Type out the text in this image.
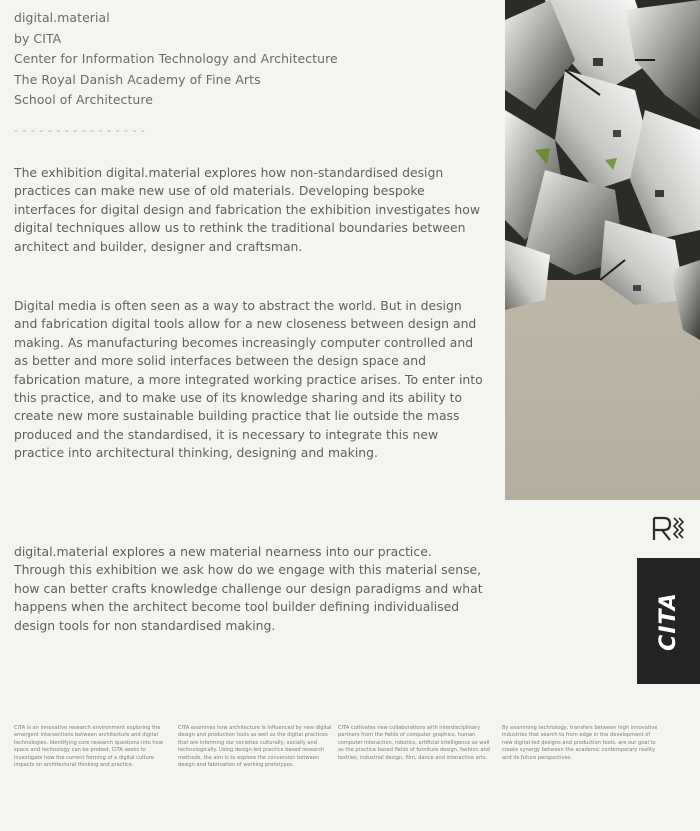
digital.material
by CITA
Center for Information Technology and Architecture
The Royal Danish Academy of Fine Arts
School of Architecture
- - - - - - - - - - - - - - - -

The exhibition digital.material explores how non-standardised design practices can make new use of old materials. Developing bespoke interfaces for digital design and fabrication the exhibition investigates how digital techniques allow us to rethink the traditional boundaries between architect and builder, designer and craftsman.

Digital media is often seen as a way to abstract the world. But in design and fabrication digital tools allow for a new closeness between design and making. As manufacturing becomes increasingly computer controlled and as better and more solid interfaces between the design space and fabrication mature, a more integrated working practice arises. To enter into this practice, and to make use of its knowledge sharing and its ability to create new more sustainable building practice that lie outside the mass produced and the standardised, it is necessary to integrate this new practice into architectural thinking, designing and making.

digital.material explores a new material nearness into our practice. Through this exhibition we ask how do we engage with this material sense, how can better crafts knowledge challenge our design paradigms and what happens when the architect become tool builder defining individualised design tools for non standardised making.	CITA
CITA is an innovative research environment exploring the emergent intersections between architecture and digital technologies. Identifying core research questions into how space and technology can be probed, CITA seeks to investigate how the current forming of a digital culture impacts on architectural thinking and practice.
CITA examines how architecture is influenced by new digital design and production tools as well as the digital practices that are informing our societies culturally, socially and technologically. Using design-led practice based research methods, the aim is to explore the conversion between design and fabrication of working prototypes.
CITA cultivates new collaborations with interdisciplinary partners from the fields of computer graphics, human computer interaction, robotics, artificial intelligence as well as the practice based fields of furniture design, fashion and textiles, industrial design, film, dance and interactive arts.
By examining technology, transfers between high innovative industries that search to from edge in the development of new digital-led designs and production tools, are our goal to create synergy between the academic contemporary reality and its future perspectives.
